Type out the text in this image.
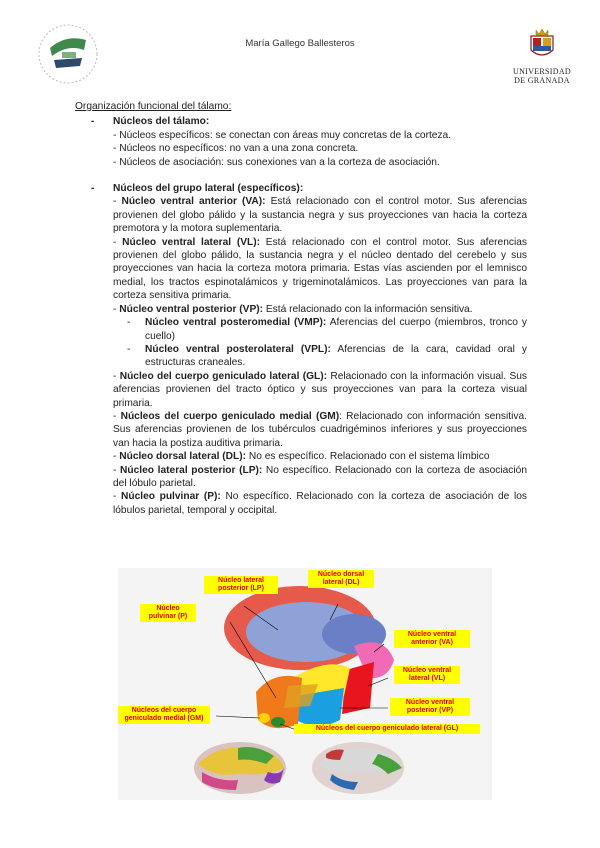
María Gallego Ballesteros
UNIVERSIDAD
DE GRANADA
Organización funcional del tálamo:
- Núcleos del tálamo:
- Núcleos específicos: se conectan con áreas muy concretas de la corteza.
- Núcleos no específicos: no van a una zona concreta.
- Núcleos de asociación: sus conexiones van a la corteza de asociación.
- Núcleos del grupo lateral (específicos):
- Núcleo ventral anterior (VA): Está relacionado con el control motor. Sus aferencias provienen del globo pálido y la sustancia negra y sus proyecciones van hacia la corteza premotora y la motora suplementaria.
- Núcleo ventral lateral (VL): Está relacionado con el control motor. Sus aferencias provienen del globo pálido, la sustancia negra y el núcleo dentado del cerebelo y sus proyecciones van hacia la corteza motora primaria. Estas vías ascienden por el lemnisco medial, los tractos espinotalámicos y trigeminotalámicos. Las proyecciones van para la corteza sensitiva primaria.
- Núcleo ventral posterior (VP): Está relacionado con la información sensitiva.
- Núcleo ventral posteromedial (VMP): Aferencias del cuerpo (miembros, tronco y cuello)
- Núcleo ventral posterolateral (VPL): Aferencias de la cara, cavidad oral y estructuras craneales.
- Núcleo del cuerpo geniculado lateral (GL): Relacionado con la información visual. Sus aferencias provienen del tracto óptico y sus proyecciones van para la corteza visual primaria.
- Núcleos del cuerpo geniculado medial (GM): Relacionado con información sensitiva. Sus aferencias provienen de los tubérculos cuadrigéminos inferiores y sus proyecciones van hacia la postiza auditiva primaria.
- Núcleo dorsal lateral (DL): No es específico. Relacionado con el sistema límbico
- Núcleo lateral posterior (LP): No específico. Relacionado con la corteza de asociación del lóbulo parietal.
- Núcleo pulvinar (P): No específico. Relacionado con la corteza de asociación de los lóbulos parietal, temporal y occipital.
Núcleo lateral posterior (LP)
Núcleo dorsal lateral (DL)
Núcleo pulvinar (P)
Núcleo ventral anterior (VA)
Núcleo ventral lateral (VL)
Núcleo ventral posterior (VP)
Núcleos del cuerpo geniculado medial (GM)
Núcleos del cuerpo geniculado lateral (GL)
